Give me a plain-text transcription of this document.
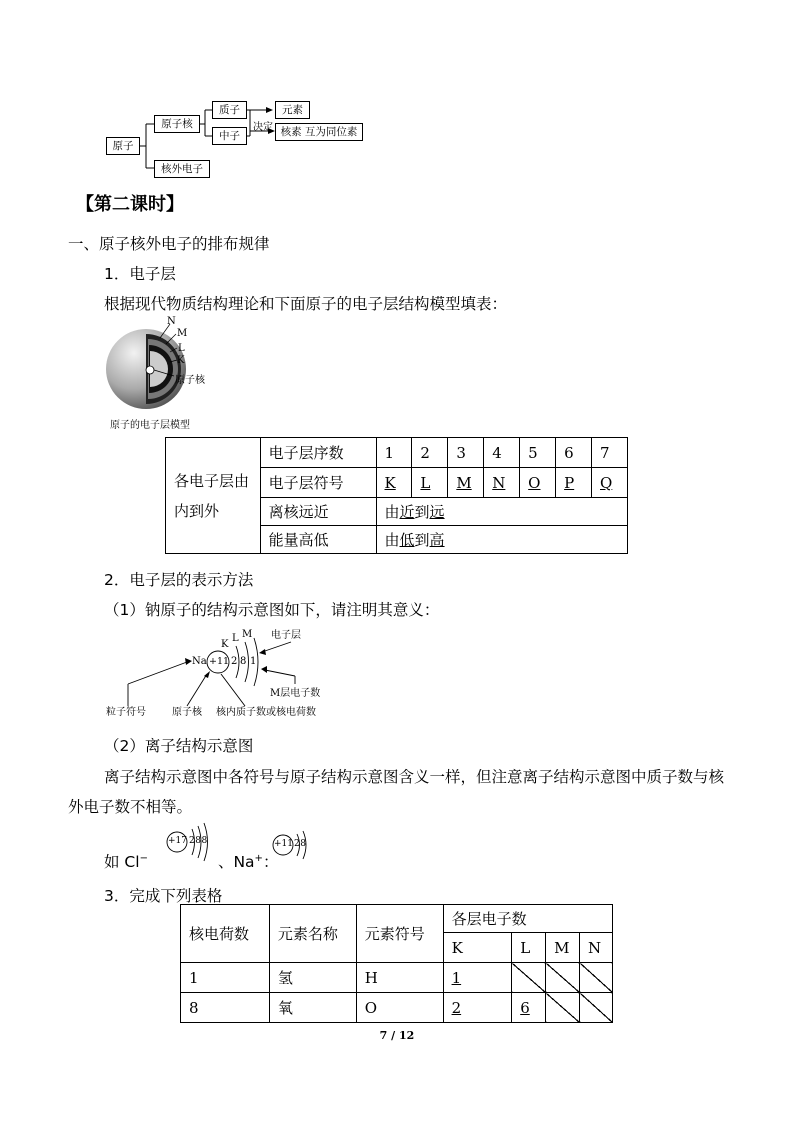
原子
原子核
核外电子
质子
中子
元素
决定 核素 互为同位素
【第二课时】
一、原子核外电子的排布规律
1．电子层
根据现代物质结构理论和下面原子的电子层结构模型填表：
N
M
L
K
原子核
原子的电子层模型
各电子层由内到外	电子层序数	1	2	3	4	5	6	7
	电子层符号	K	L	M	N	O	P	Q
	离核远近	由近到远						
	能量高低	由低到高						
2．电子层的表示方法
（1）钠原子的结构示意图如下，请注明其意义：
Na +11 2 8 1
K
L M 电子层
M层电子数
粒子符号	原子核 核内质子数或核电荷数
（2）离子结构示意图
离子结构示意图中各符号与原子结构示意图含义一样，但注意离子结构示意图中质子数与核外电子数不相等。
如 Cl−	、Na+：
+17 288	+11 28
3．完成下列表格
核电荷数	元素名称	元素符号	各层电子数			
			K	L	M	N
1	氢	H	1			
8	氧	O	2	6		
7 / 12
